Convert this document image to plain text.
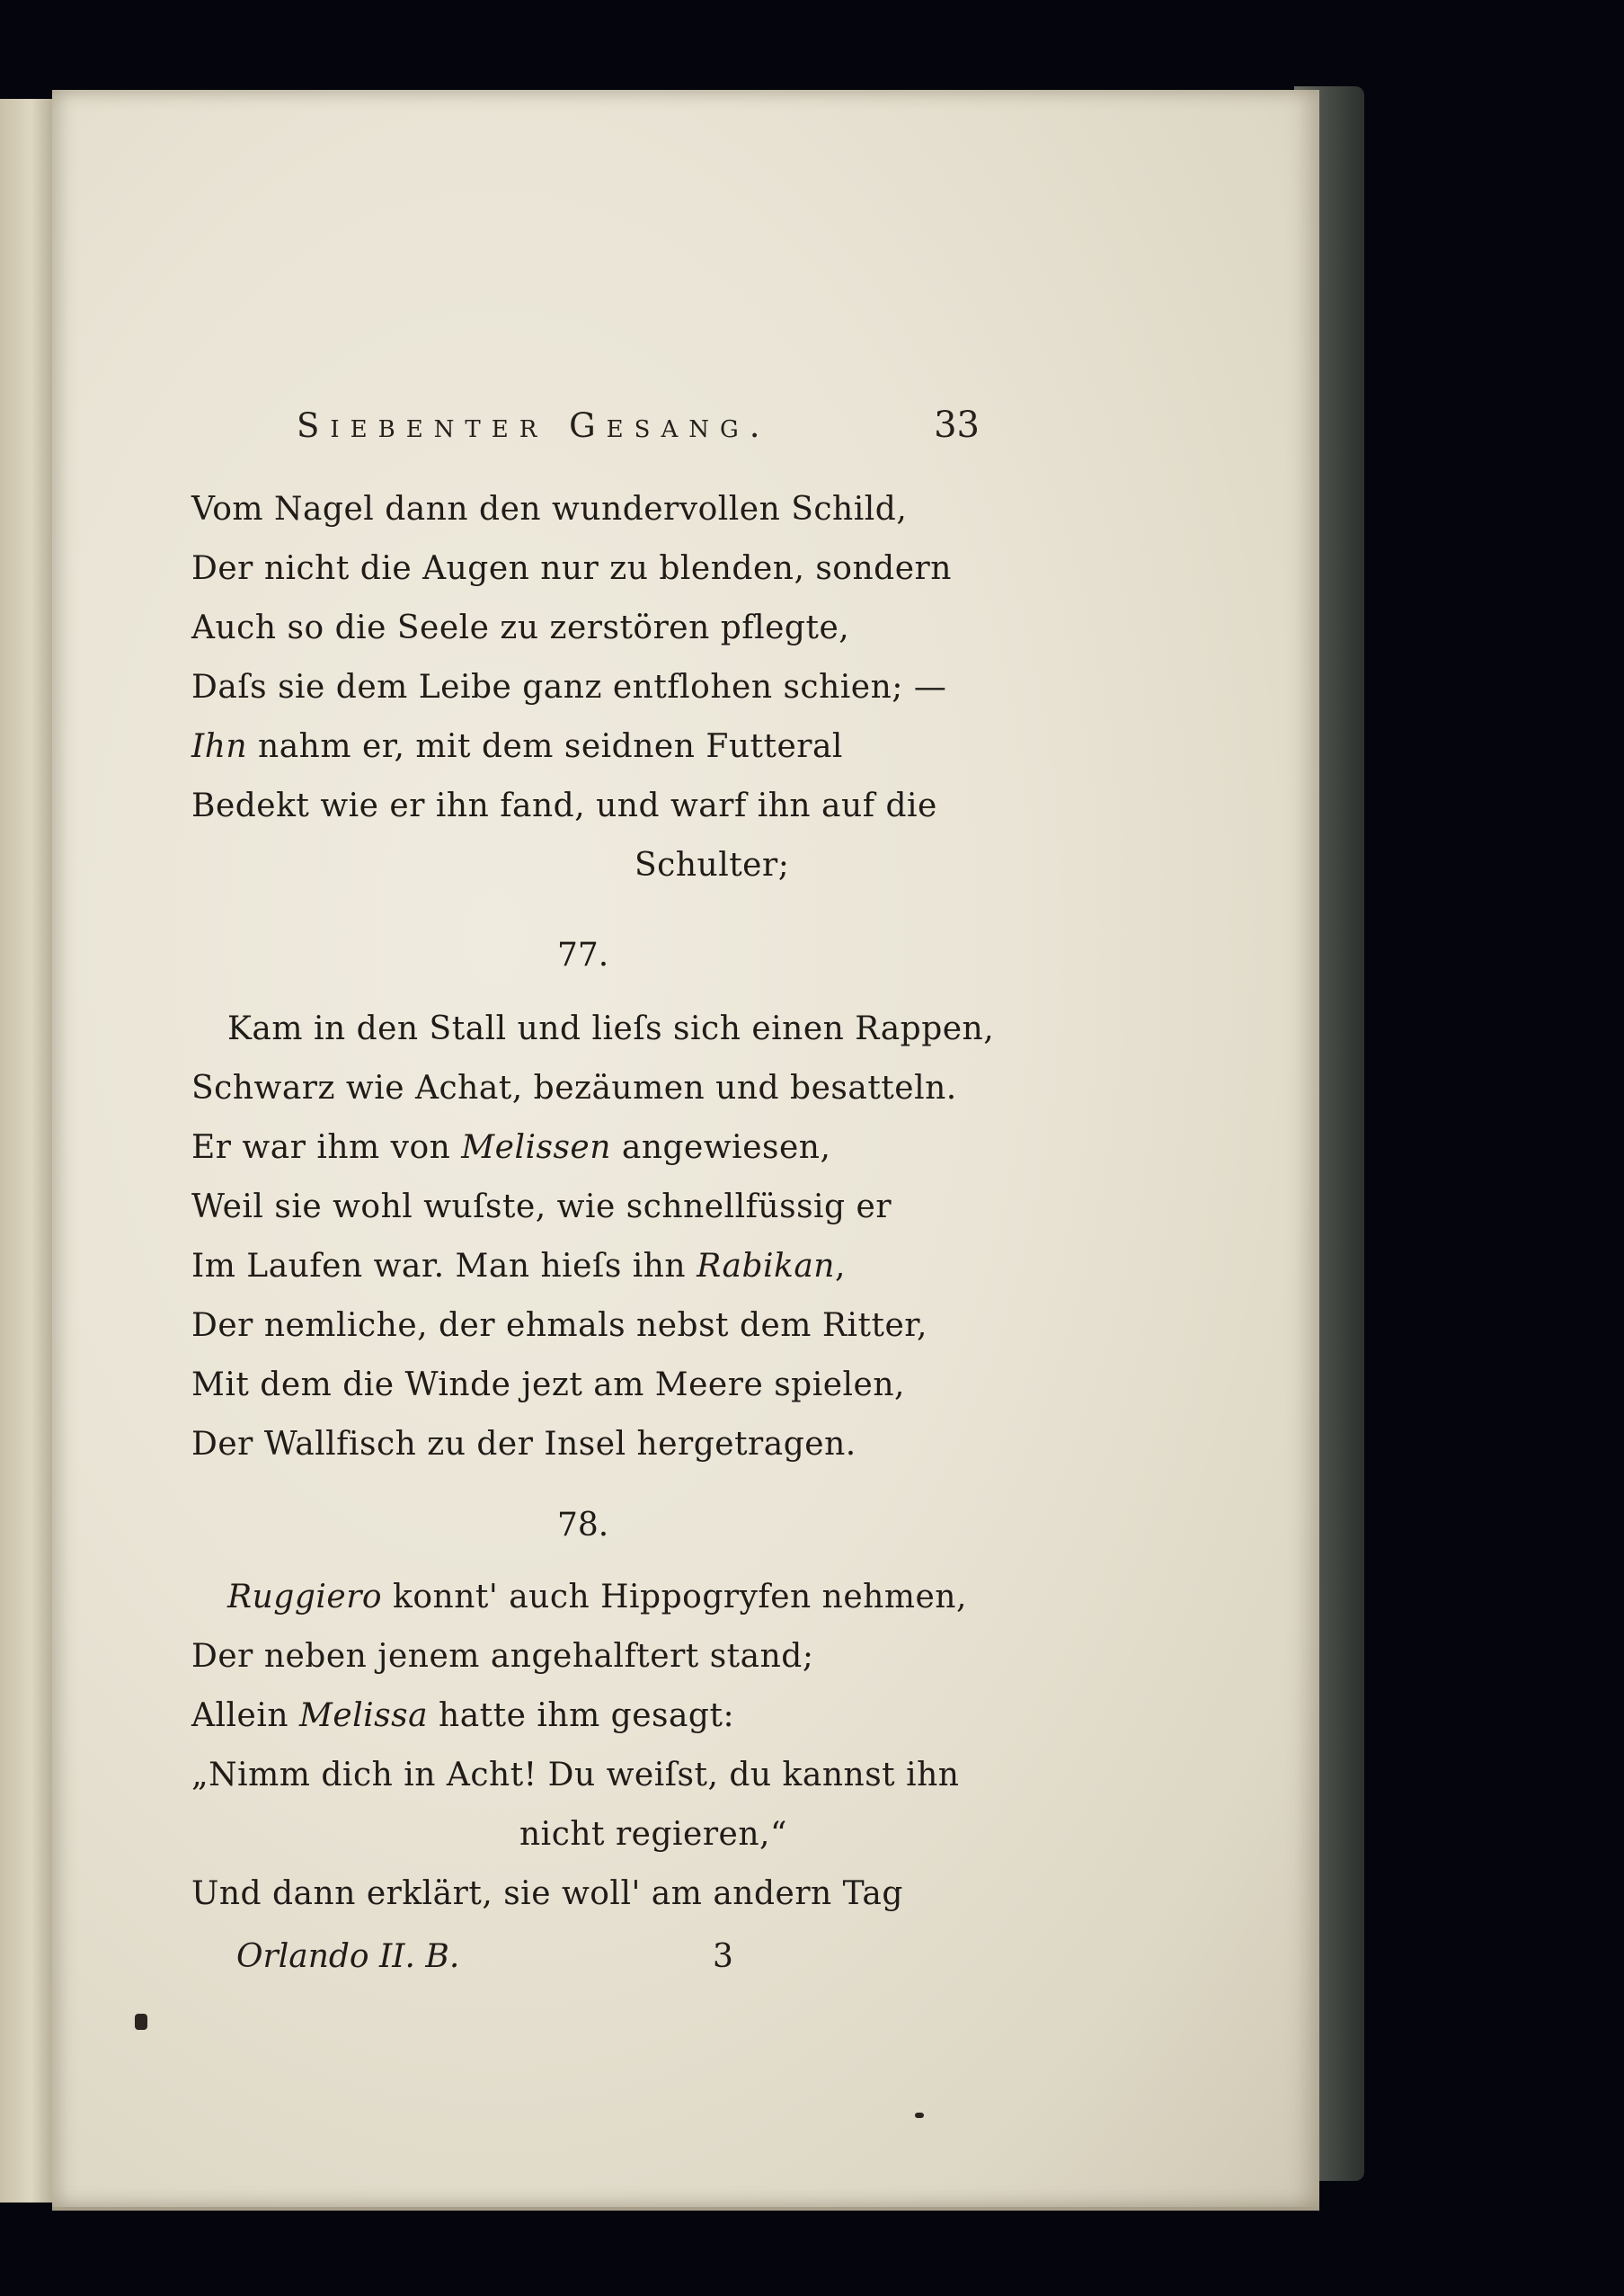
Siebenter Gesang.	33
Vom Nagel dann den wundervollen Schild,
Der nicht die Augen nur zu blenden, sondern
Auch so die Seele zu zerstören pflegte,
Daſs sie dem Leibe ganz entflohen schien; —
Ihn nahm er, mit dem seidnen Futteral
Bedekt wie er ihn fand, und warf ihn auf die
Schulter;
77.
Kam in den Stall und lieſs sich einen Rappen,
Schwarz wie Achat, bezäumen und besatteln.
Er war ihm von Melissen angewiesen,
Weil sie wohl wuſste, wie schnellfüssig er
Im Laufen war. Man hieſs ihn Rabikan,
Der nemliche, der ehmals nebst dem Ritter,
Mit dem die Winde jezt am Meere spielen,
Der Wallfisch zu der Insel hergetragen.
78.
Ruggiero konnt' auch Hippogryfen nehmen,
Der neben jenem angehalftert stand;
Allein Melissa hatte ihm gesagt:
„Nimm dich in Acht! Du weiſst, du kannst ihn
nicht regieren,“
Und dann erklärt, sie woll' am andern Tag
Orlando II. B.	3
